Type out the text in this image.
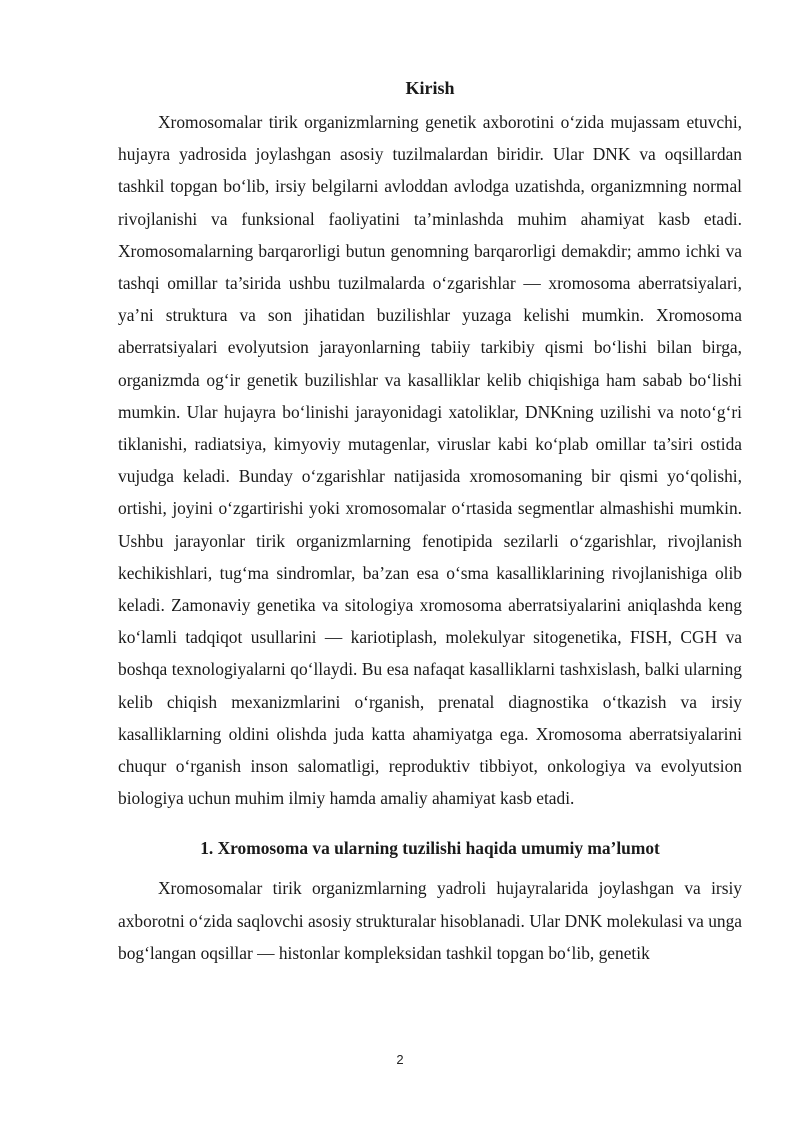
Kirish

Xromosomalar tirik organizmlarning genetik axborotini o‘zida mujassam etuvchi, hujayra yadrosida joylashgan asosiy tuzilmalardan biridir. Ular DNK va oqsillardan tashkil topgan bo‘lib, irsiy belgilarni avloddan avlodga uzatishda, organizmning normal rivojlanishi va funksional faoliyatini ta’minlashda muhim ahamiyat kasb etadi. Xromosomalarning barqarorligi butun genomning barqarorligi demakdir; ammo ichki va tashqi omillar ta’sirida ushbu tuzilmalarda o‘zgarishlar — xromosoma aberratsiyalari, ya’ni struktura va son jihatidan buzilishlar yuzaga kelishi mumkin. Xromosoma aberratsiyalari evolyutsion jarayonlarning tabiiy tarkibiy qismi bo‘lishi bilan birga, organizmda og‘ir genetik buzilishlar va kasalliklar kelib chiqishiga ham sabab bo‘lishi mumkin. Ular hujayra bo‘linishi jarayonidagi xatoliklar, DNKning uzilishi va noto‘g‘ri tiklanishi, radiatsiya, kimyoviy mutagenlar, viruslar kabi ko‘plab omillar ta’siri ostida vujudga keladi. Bunday o‘zgarishlar natijasida xromosomaning bir qismi yo‘qolishi, ortishi, joyini o‘zgartirishi yoki xromosomalar o‘rtasida segmentlar almashishi mumkin. Ushbu jarayonlar tirik organizmlarning fenotipida sezilarli o‘zgarishlar, rivojlanish kechikishlari, tug‘ma sindromlar, ba’zan esa o‘sma kasalliklarining rivojlanishiga olib keladi. Zamonaviy genetika va sitologiya xromosoma aberratsiyalarini aniqlashda keng ko‘lamli tadqiqot usullarini — kariotiplash, molekulyar sitogenetika, FISH, CGH va boshqa texnologiyalarni qo‘llaydi. Bu esa nafaqat kasalliklarni tashxislash, balki ularning kelib chiqish mexanizmlarini o‘rganish, prenatal diagnostika o‘tkazish va irsiy kasalliklarning oldini olishda juda katta ahamiyatga ega. Xromosoma aberratsiyalarini chuqur o‘rganish inson salomatligi, reproduktiv tibbiyot, onkologiya va evolyutsion biologiya uchun muhim ilmiy hamda amaliy ahamiyat kasb etadi.

1. Xromosoma va ularning tuzilishi haqida umumiy ma’lumot

Xromosomalar tirik organizmlarning yadroli hujayralarida joylashgan va irsiy axborotni o‘zida saqlovchi asosiy strukturalar hisoblanadi. Ular DNK molekulasi va unga bog‘langan oqsillar — histonlar kompleksidan tashkil topgan bo‘lib, genetik

2
